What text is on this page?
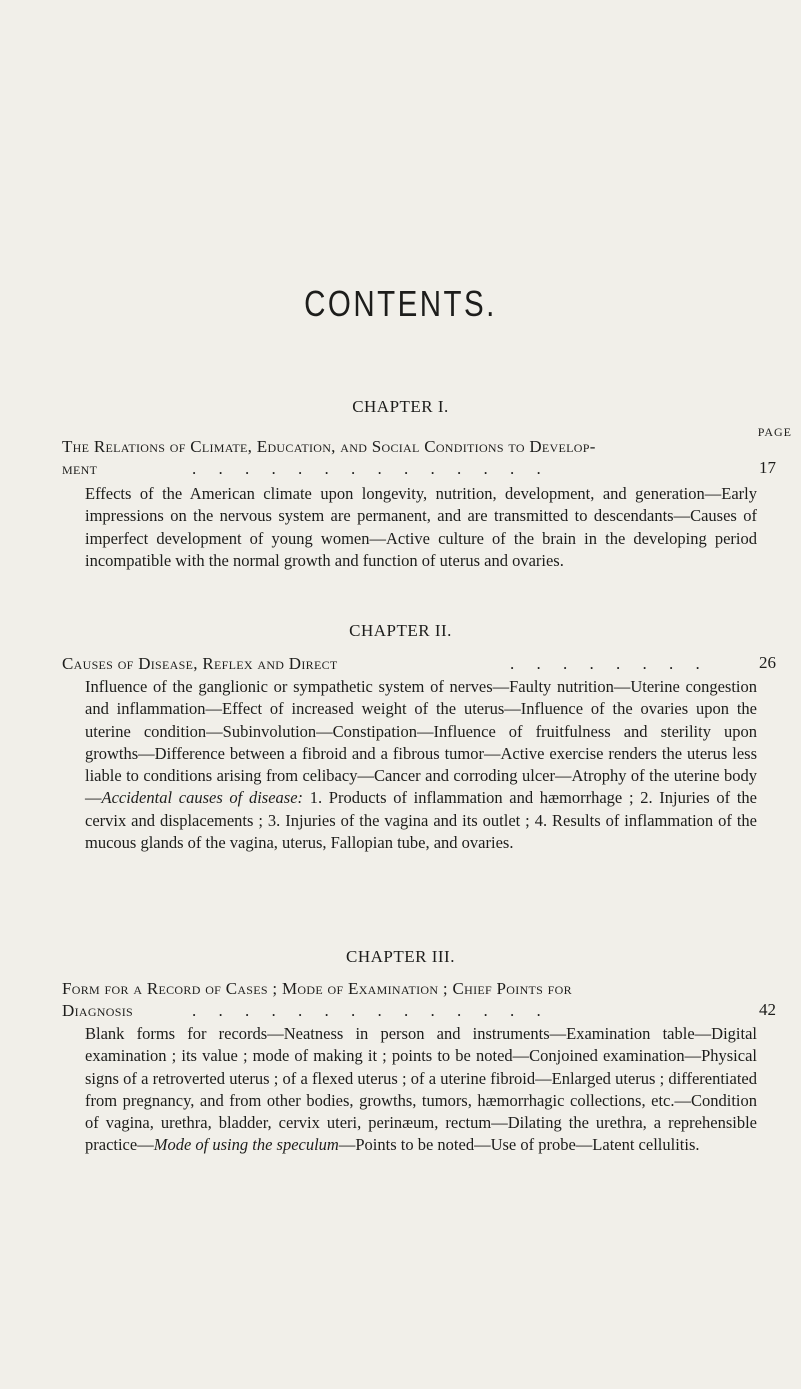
CONTENTS.
CHAPTER I.
PAGE
The Relations of Climate, Education, and Social Conditions to Develop-
ment	. . . . . . . . . . . . . .	17
Effects of the American climate upon longevity, nutrition, development, and generation—Early impressions on the nervous system are permanent, and are transmitted to descendants—Causes of imperfect development of young women—Active culture of the brain in the developing period incompatible with the normal growth and function of uterus and ovaries.
CHAPTER II.
Causes of Disease, Reflex and Direct	. . . . . . . .	26
Influence of the ganglionic or sympathetic system of nerves—Faulty nutrition—Uterine congestion and inflammation—Effect of increased weight of the uterus—Influence of the ovaries upon the uterine condition—Subinvolution—Constipation—Influence of fruitfulness and sterility upon growths—Difference between a fibroid and a fibrous tumor—Active exercise renders the uterus less liable to conditions arising from celibacy—Cancer and corroding ulcer—Atrophy of the uterine body—Accidental causes of disease: 1. Products of inflammation and hæmorrhage ; 2. Injuries of the cervix and displacements ; 3. Injuries of the vagina and its outlet ; 4. Results of inflammation of the mucous glands of the vagina, uterus, Fallopian tube, and ovaries.
CHAPTER III.
Form for a Record of Cases ; Mode of Examination ; Chief Points for
Diagnosis	. . . . . . . . . . . . . .	42
Blank forms for records—Neatness in person and instruments—Examination table—Digital examination ; its value ; mode of making it ; points to be noted—Conjoined examination—Physical signs of a retroverted uterus ; of a flexed uterus ; of a uterine fibroid—Enlarged uterus ; differentiated from pregnancy, and from other bodies, growths, tumors, hæmorrhagic collections, etc.—Condition of vagina, urethra, bladder, cervix uteri, perinæum, rectum—Dilating the urethra, a reprehensible practice—Mode of using the speculum—Points to be noted—Use of probe—Latent cellulitis.
